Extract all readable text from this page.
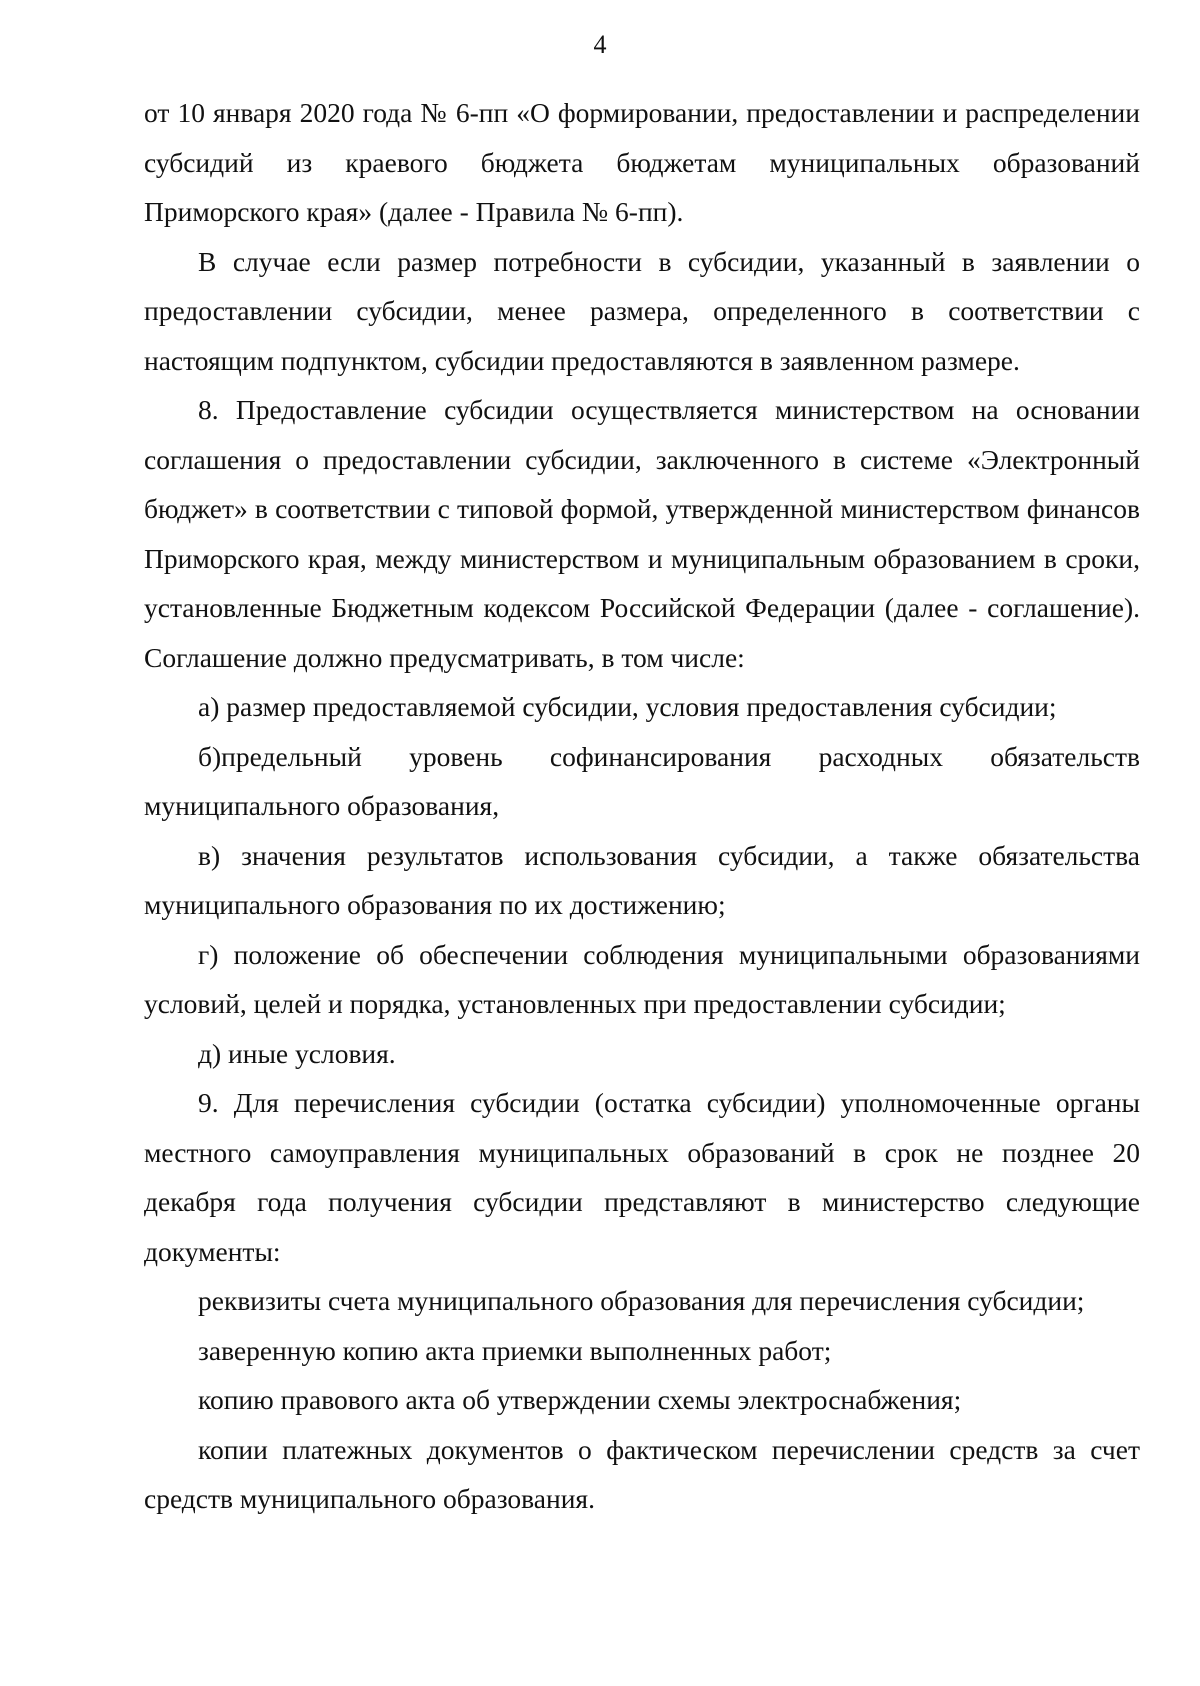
4

от 10 января 2020 года № 6-пп «О формировании, предоставлении и распределении субсидий из краевого бюджета бюджетам муниципальных образований Приморского края» (далее - Правила № 6-пп).

В случае если размер потребности в субсидии, указанный в заявлении о предоставлении субсидии, менее размера, определенного в соответствии с настоящим подпунктом, субсидии предоставляются в заявленном размере.

8. Предоставление субсидии осуществляется министерством на основании соглашения о предоставлении субсидии, заключенного в системе «Электронный бюджет» в соответствии с типовой формой, утвержденной министерством финансов Приморского края, между министерством и муниципальным образованием в сроки, установленные Бюджетным кодексом Российской Федерации (далее - соглашение). Соглашение должно предусматривать, в том числе:

а) размер предоставляемой субсидии, условия предоставления субсидии;

б)предельный уровень софинансирования расходных обязательств муниципального образования,

в) значения результатов использования субсидии, а также обязательства муниципального образования по их достижению;

г) положение об обеспечении соблюдения муниципальными образованиями условий, целей и порядка, установленных при предоставлении субсидии;

д) иные условия.

9. Для перечисления субсидии (остатка субсидии) уполномоченные органы местного самоуправления муниципальных образований в срок не позднее 20 декабря года получения субсидии представляют в министерство следующие документы:

реквизиты счета муниципального образования для перечисления субсидии;

заверенную копию акта приемки выполненных работ;

копию правового акта об утверждении схемы электроснабжения;

копии платежных документов о фактическом перечислении средств за счет средств муниципального образования.
